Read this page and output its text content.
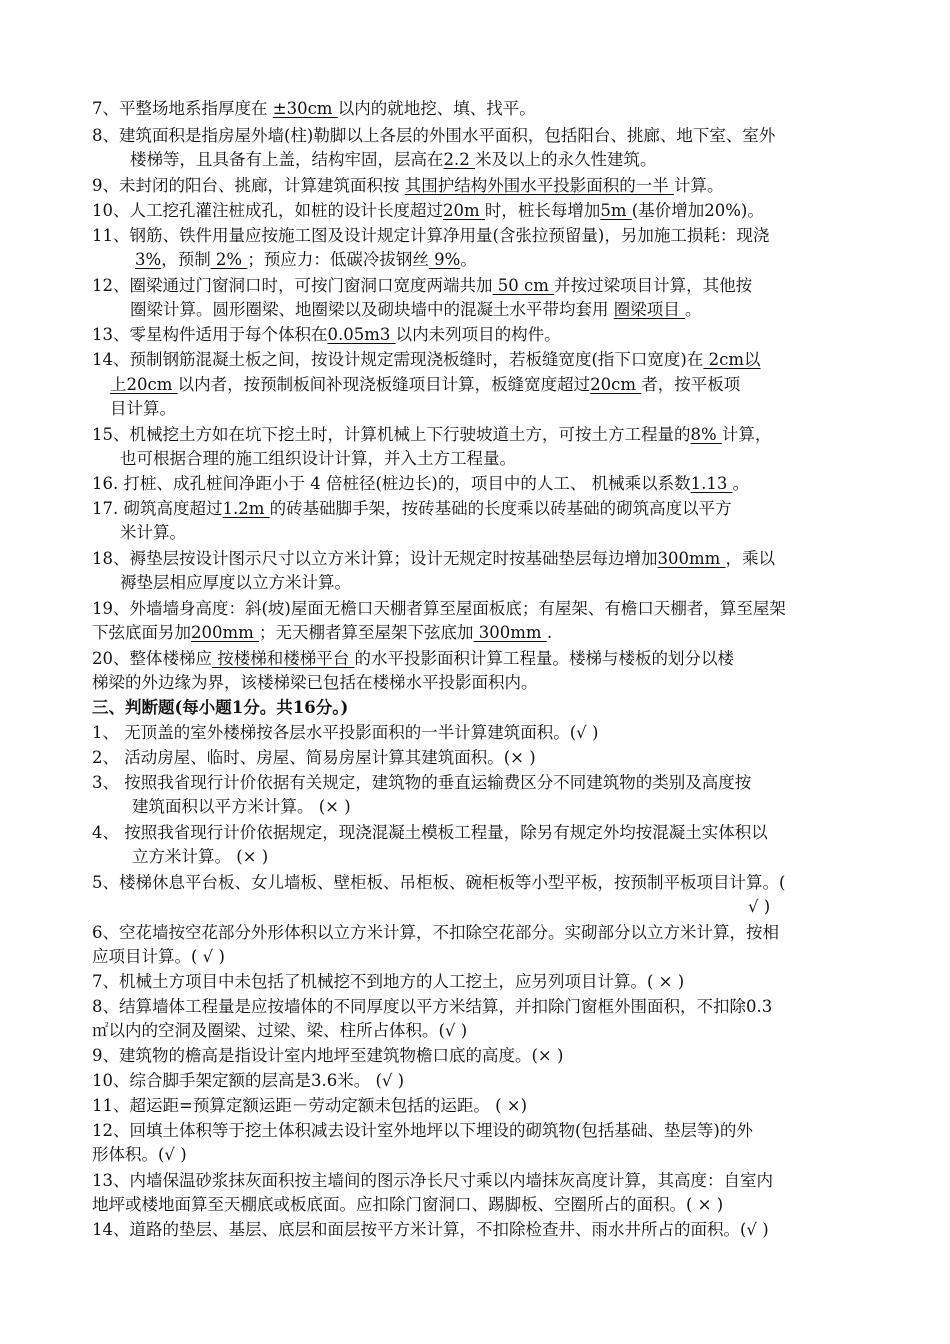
7、平整场地系指厚度在 ±30cm 以内的就地挖、填、找平。
8、建筑面积是指房屋外墙(柱)勒脚以上各层的外围水平面积，包括阳台、挑廊、地下室、室外
楼梯等，且具备有上盖，结构牢固，层高在2.2 米及以上的永久性建筑。
9、未封闭的阳台、挑廊，计算建筑面积按 其围护结构外围水平投影面积的一半 计算。
10、人工挖孔灌注桩成孔，如桩的设计长度超过20m 时，桩长每增加5m (基价增加20%)。
11、钢筋、铁件用量应按施工图及设计规定计算净用量(含张拉预留量)，另加施工损耗：现浇
3%，预制 2% ；预应力：低碳冷拔钢丝 9%。
12、圈梁通过门窗洞口时，可按门窗洞口宽度两端共加 50 cm 并按过梁项目计算，其他按
圈梁计算。圆形圈梁、地圈梁以及砌块墙中的混凝土水平带均套用 圈梁项目 。
13、零星构件适用于每个体积在0.05m3 以内未列项目的构件。
14、预制钢筋混凝土板之间，按设计规定需现浇板缝时，若板缝宽度(指下口宽度)在 2cm以
上20cm 以内者，按预制板间补现浇板缝项目计算，板缝宽度超过20cm 者，按平板项
目计算。
15、机械挖土方如在坑下挖土时，计算机械上下行驶坡道土方，可按土方工程量的8% 计算，
也可根据合理的施工组织设计计算，并入土方工程量。
16. 打桩、成孔桩间净距小于 4 倍桩径(桩边长)的，项目中的人工、 机械乘以系数1.13 。
17. 砌筑高度超过1.2m 的砖基础脚手架，按砖基础的长度乘以砖基础的砌筑高度以平方
米计算。
18、褥垫层按设计图示尺寸以立方米计算；设计无规定时按基础垫层每边增加300mm ，乘以
褥垫层相应厚度以立方米计算。
19、外墙墙身高度：斜(坡)屋面无檐口天棚者算至屋面板底；有屋架、有檐口天棚者，算至屋架
下弦底面另加200mm ；无天棚者算至屋架下弦底加 300mm .
20、整体楼梯应 按楼梯和楼梯平台 的水平投影面积计算工程量。楼梯与楼板的划分以楼
梯梁的外边缘为界，该楼梯梁已包括在楼梯水平投影面积内。
三、判断题(每小题1分。共16分。)
1、 无顶盖的室外楼梯按各层水平投影面积的一半计算建筑面积。(√ )
2、 活动房屋、临时、房屋、简易房屋计算其建筑面积。(× )
3、 按照我省现行计价依据有关规定，建筑物的垂直运输费区分不同建筑物的类别及高度按
建筑面积以平方米计算。 (× )
4、 按照我省现行计价依据规定，现浇混凝土模板工程量，除另有规定外均按混凝土实体积以
立方米计算。 (× )
5、楼梯休息平台板、女儿墙板、壁柜板、吊柜板、碗柜板等小型平板，按预制平板项目计算。(
√ )
6、空花墙按空花部分外形体积以立方米计算，不扣除空花部分。实砌部分以立方米计算，按相
应项目计算。( √ )
7、机械土方项目中未包括了机械挖不到地方的人工挖土，应另列项目计算。( × )
8、结算墙体工程量是应按墙体的不同厚度以平方米结算，并扣除门窗框外围面积，不扣除0.3
㎡以内的空洞及圈梁、过梁、梁、柱所占体积。(√ )
9、建筑物的檐高是指设计室内地坪至建筑物檐口底的高度。(× )
10、综合脚手架定额的层高是3.6米。 (√ )
11、超运距=预算定额运距－劳动定额未包括的运距。 ( ×)
12、回填土体积等于挖土体积减去设计室外地坪以下埋设的砌筑物(包括基础、垫层等)的外
形体积。(√ )
13、内墙保温砂浆抹灰面积按主墙间的图示净长尺寸乘以内墙抹灰高度计算，其高度：自室内
地坪或楼地面算至天棚底或板底面。应扣除门窗洞口、踢脚板、空圈所占的面积。( × )
14、道路的垫层、基层、底层和面层按平方米计算，不扣除检查井、雨水井所占的面积。(√ )
